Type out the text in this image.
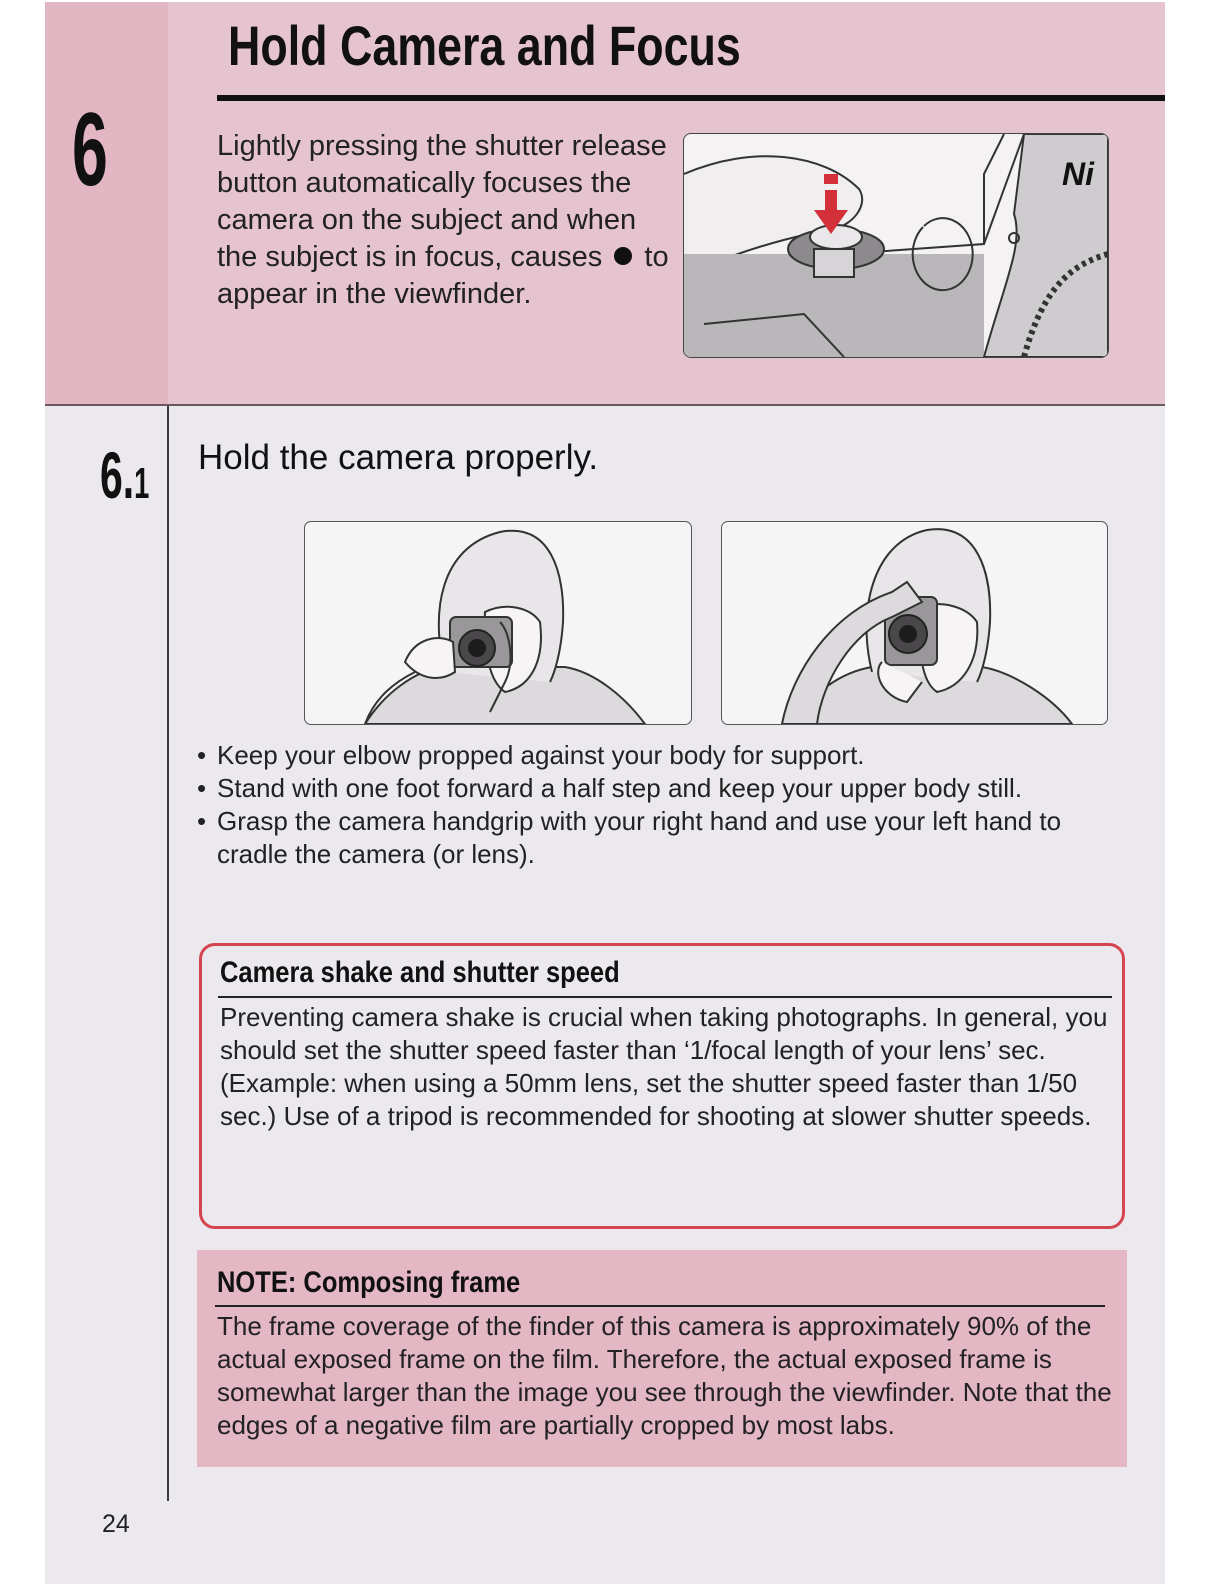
6
Hold Camera and Focus
Lightly pressing the shutter release button automatically focuses the camera on the subject and when the subject is in focus, causes to appear in the viewfinder.
Ni
6.1
Hold the camera properly.
• Keep your elbow propped against your body for support.
• Stand with one foot forward a half step and keep your upper body still.
• Grasp the camera handgrip with your right hand and use your left hand to cradle the camera (or lens).
Camera shake and shutter speed
Preventing camera shake is crucial when taking photographs. In general, you should set the shutter speed faster than ‘1/focal length of your lens’ sec. (Example: when using a 50mm lens, set the shutter speed faster than 1/50 sec.) Use of a tripod is recommended for shooting at slower shutter speeds.
NOTE: Composing frame
The frame coverage of the finder of this camera is approximately 90% of the actual exposed frame on the film. Therefore, the actual exposed frame is somewhat larger than the image you see through the viewfinder. Note that the edges of a negative film are partially cropped by most labs.
24
